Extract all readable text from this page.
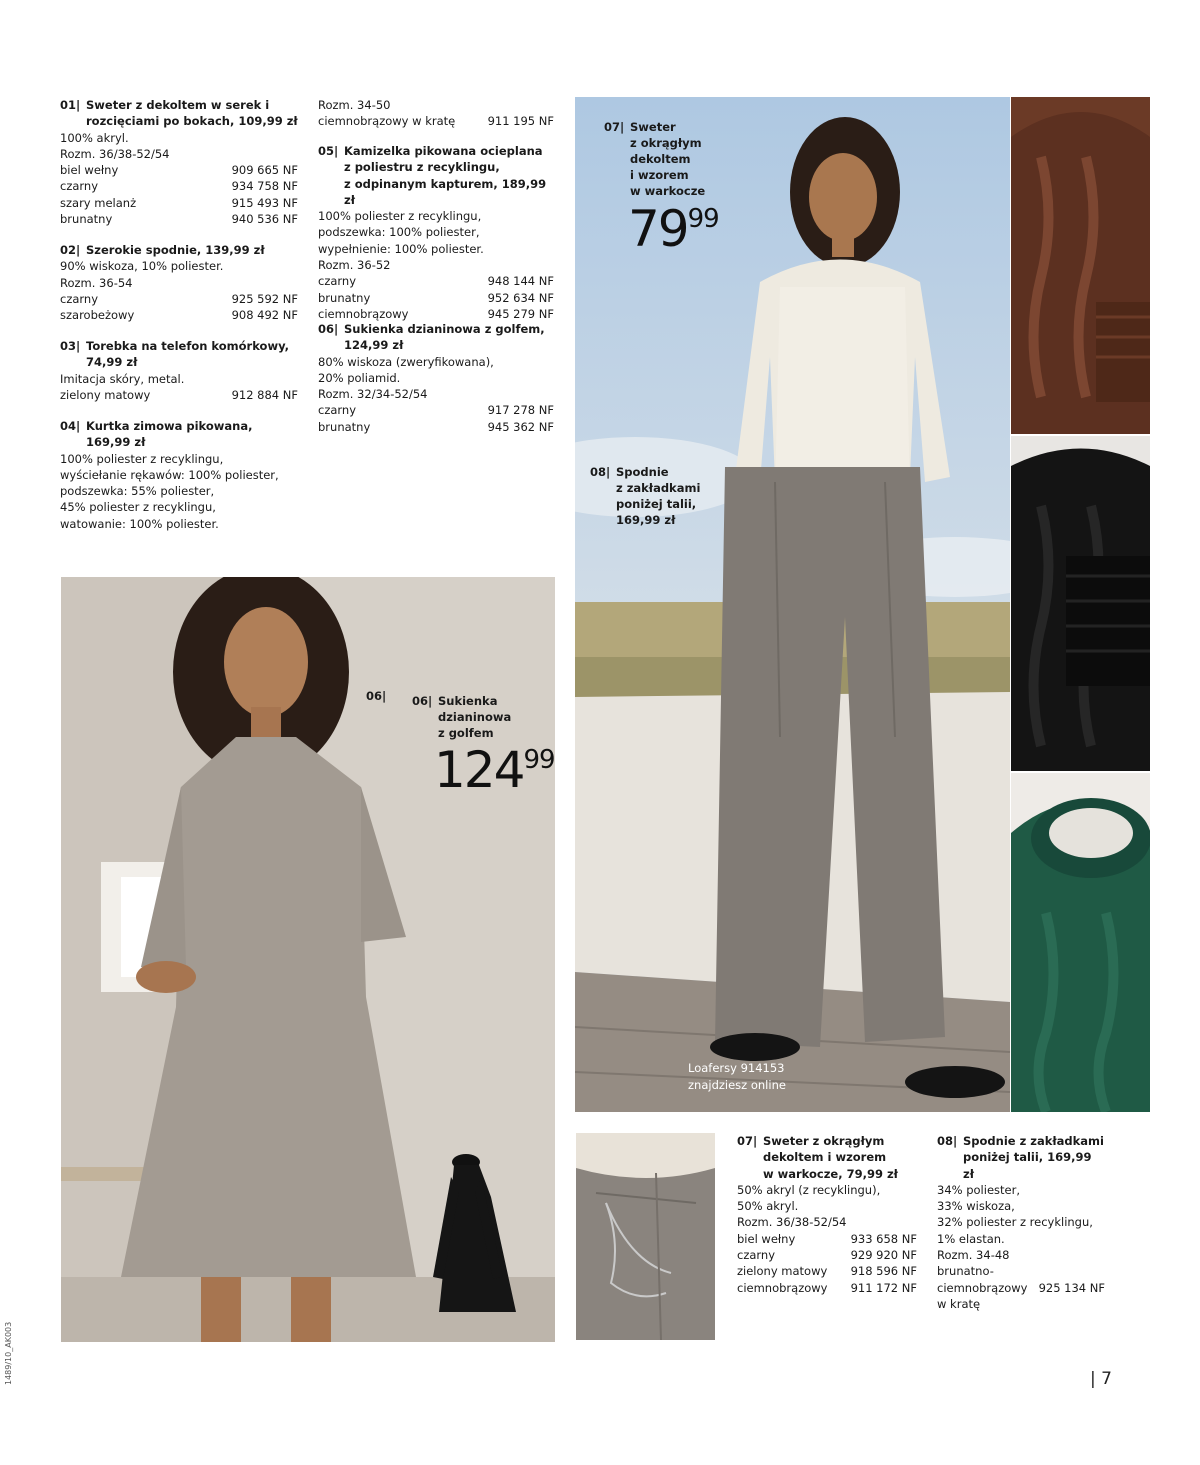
01| Sweter z dekoltem w serek i
rozcięciami po bokach, 109,99 zł
100% akryl.
Rozm. 36/38-52/54
biel wełny	909 665 NF
czarny	934 758 NF
szary melanż	915 493 NF
brunatny	940 536 NF
02| Szerokie spodnie, 139,99 zł
90% wiskoza, 10% poliester.
Rozm. 36-54
czarny	925 592 NF
szarobeżowy	908 492 NF
03| Torebka na telefon komórkowy,
74,99 zł
Imitacja skóry, metal.
zielony matowy	912 884 NF
04| Kurtka zimowa pikowana,
169,99 zł
100% poliester z recyklingu,
wyściełanie rękawów: 100% poliester,
podszewka: 55% poliester,
45% poliester z recyklingu,
watowanie: 100% poliester.
Rozm. 34-50
ciemnobrązowy w kratę	911 195 NF
05| Kamizelka pikowana ocieplana
z poliestru z recyklingu,
z odpinanym kapturem, 189,99 zł
100% poliester z recyklingu,
podszewka: 100% poliester,
wypełnienie: 100% poliester.
Rozm. 36-52
czarny	948 144 NF
brunatny	952 634 NF
ciemnobrązowy	945 279 NF
06| Sukienka dzianinowa z golfem,
124,99 zł
80% wiskoza (zweryfikowana),
20% poliamid.
Rozm. 32/34-52/54
czarny	917 278 NF
brunatny	945 362 NF
07| Sweter
z okrągłym
dekoltem
i wzorem
w warkocze
7999
08| Spodnie
z zakładkami
poniżej talii,
169,99 zł
Loafersy 914153
znajdziesz online
06| 06| Sukienka
dzianinowa
z golfem
12499
07| Sweter z okrągłym
dekoltem i wzorem
w warkocze, 79,99 zł
50% akryl (z recyklingu),
50% akryl.
Rozm. 36/38-52/54
biel wełny	933 658 NF
czarny	929 920 NF
zielony matowy 918 596 NF
ciemnobrązowy 911 172 NF
08| Spodnie z zakładkami
poniżej talii, 169,99 zł
34% poliester,
33% wiskoza,
32% poliester z recyklingu,
1% elastan.
Rozm. 34-48
brunatno-
ciemnobrązowy 925 134 NF
w kratę
| 7
1489/10_AK003
